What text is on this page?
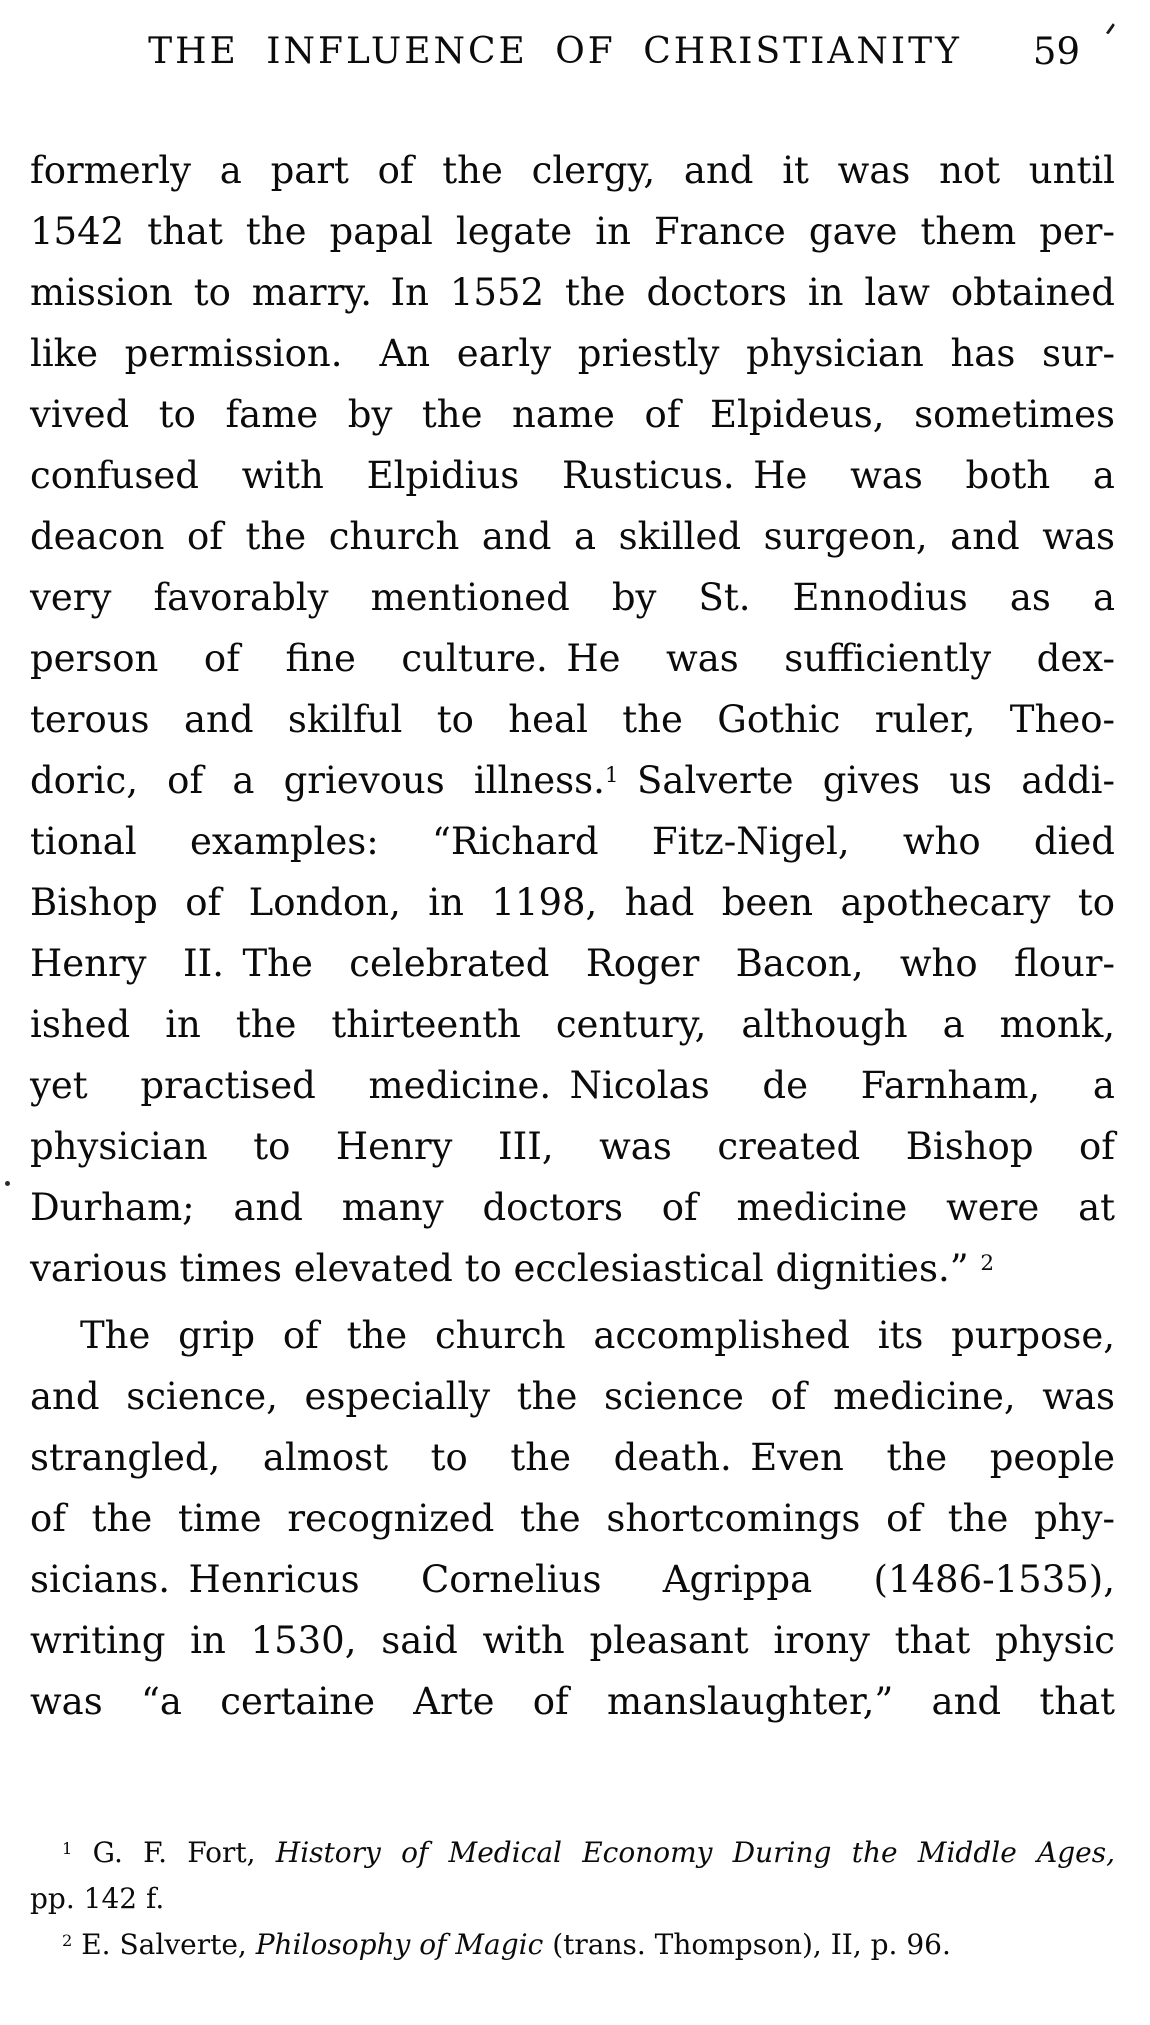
THE INFLUENCE OF CHRISTIANITY	59
formerly a part of the clergy, and it was not until
1542 that the papal legate in France gave them per-
mission to marry. In 1552 the doctors in law obtained
like permission.  An early priestly physician has sur-
vived to fame by the name of Elpideus, sometimes
confused with Elpidius Rusticus. He was both a
deacon of the church and a skilled surgeon, and was
very favorably mentioned by St. Ennodius as a
person of fine culture. He was sufficiently dex-
terous and skilful to heal the Gothic ruler, Theo-
doric, of a grievous illness.$^1$ Salverte gives us addi-
tional examples: “Richard Fitz-Nigel, who died
Bishop of London, in 1198, had been apothecary to
Henry II. The celebrated Roger Bacon, who flour-
ished in the thirteenth century, although a monk,
yet practised medicine. Nicolas de Farnham, a
physician to Henry III, was created Bishop of
Durham; and many doctors of medicine were at
various times elevated to ecclesiastical dignities.” $^2$
The grip of the church accomplished its purpose,
and science, especially the science of medicine, was
strangled, almost to the death. Even the people
of the time recognized the shortcomings of the phy-
sicians. Henricus Cornelius Agrippa (1486-1535),
writing in 1530, said with pleasant irony that physic
was “a certaine Arte of manslaughter,” and that
$^1$ G. F. Fort, History of Medical Economy During the Middle Ages,
pp. 142 f.
$^2$ E. Salverte, Philosophy of Magic (trans. Thompson), II, p. 96.
